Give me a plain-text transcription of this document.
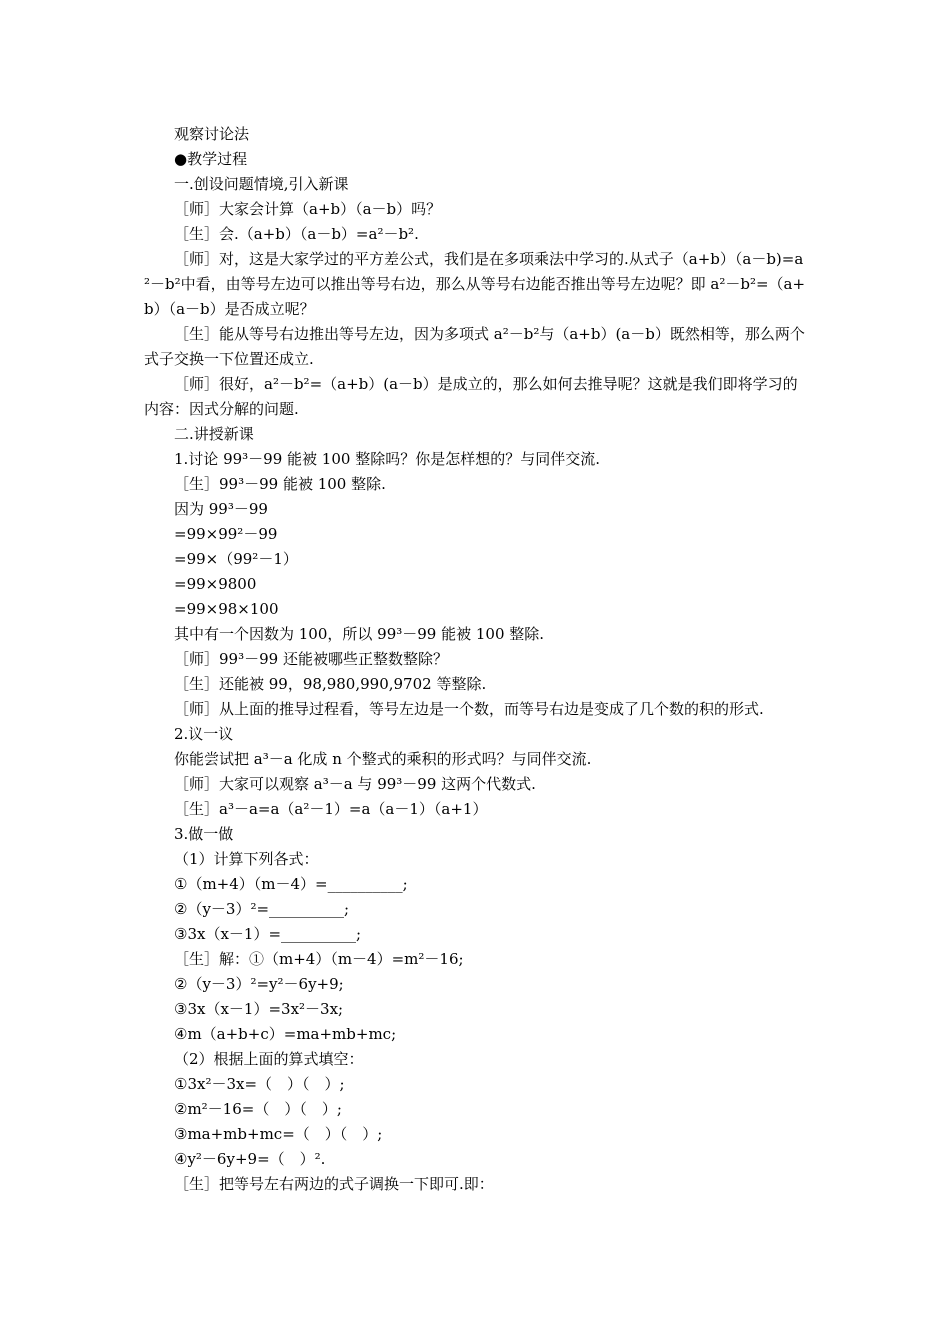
观察讨论法

●教学过程

一.创设问题情境,引入新课

［师］大家会计算（a+b）（a－b）吗？

［生］会.（a+b）（a－b）=a²－b².

［师］对，这是大家学过的平方差公式，我们是在多项乘法中学习的.从式子（a+b）（a－b)=a²－b²中看，由等号左边可以推出等号右边，那么从等号右边能否推出等号左边呢？即 a²－b²=（a+b）（a－b）是否成立呢？

［生］能从等号右边推出等号左边，因为多项式 a²－b²与（a+b）(a－b）既然相等，那么两个式子交换一下位置还成立.

［师］很好，a²－b²=（a+b）(a－b）是成立的，那么如何去推导呢？这就是我们即将学习的内容：因式分解的问题.

二.讲授新课

1.讨论 99³－99 能被 100 整除吗？你是怎样想的？与同伴交流.

［生］99³－99 能被 100 整除.

因为 99³－99

=99×99²－99

=99×（99²－1）

=99×9800

=99×98×100

其中有一个因数为 100，所以 99³－99 能被 100 整除.

［师］99³－99 还能被哪些正整数整除？

［生］还能被 99，98,980,990,9702 等整除.

［师］从上面的推导过程看，等号左边是一个数，而等号右边是变成了几个数的积的形式.

2.议一议

你能尝试把 a³－a 化成 n 个整式的乘积的形式吗？与同伴交流.

［师］大家可以观察 a³－a 与 99³－99 这两个代数式.

［生］a³－a=a（a²－1）=a（a－1）（a+1）

3.做一做

（1）计算下列各式：

①（m+4）（m－4）=__________;

②（y－3）²=__________;

③3x（x－1）=__________;

［生］解：①（m+4）（m－4）=m²－16;

②（y－3）²=y²－6y+9;

③3x（x－1）=3x²－3x;

④m（a+b+c）=ma+mb+mc;

（2）根据上面的算式填空：

①3x²－3x=（　）（　）;

②m²－16=（　）（　）;

③ma+mb+mc=（　）（　）;

④y²－6y+9=（　）².

［生］把等号左右两边的式子调换一下即可.即：
